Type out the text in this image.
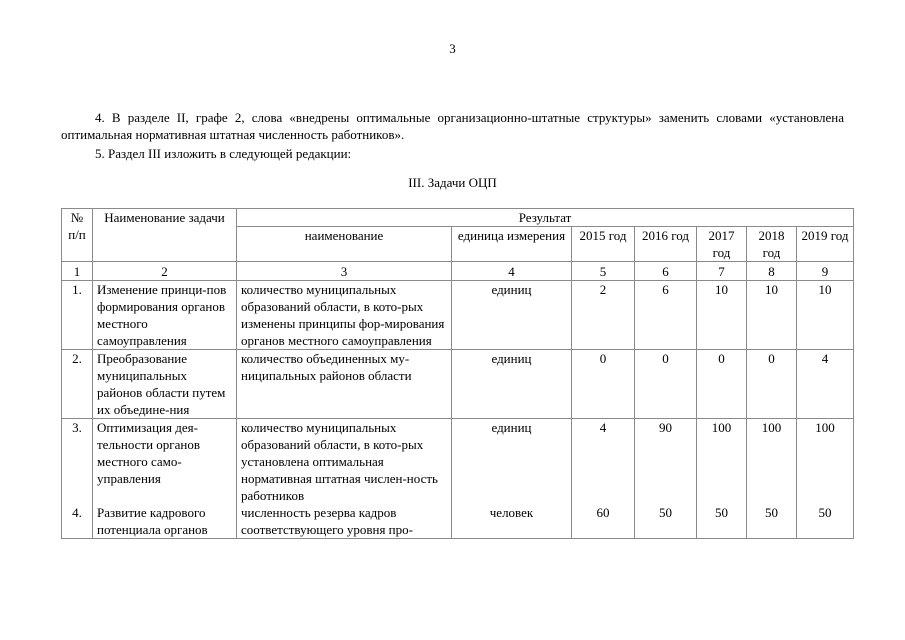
3
4. В разделе II, графе 2, слова «внедрены оптимальные организационно-штатные структуры» заменить словами «установлена оптимальная нормативная штатная численность работников».
5. Раздел III изложить в следующей редакции:
III. Задачи ОЦП
№ п/п	Наименование задачи	Результат						
		наименование	единица измерения	2015 год	2016 год	2017 год	2018 год	2019 год
1	2	3	4	5	6	7	8	9
1.	Изменение принци-пов формирования органов местного самоуправления	количество муниципальных образований области, в кото-рых изменены принципы фор-мирования органов местного самоуправления	единиц	2	6	10	10	10
2.	Преобразование муниципальных районов области путем их объедине-ния	количество объединенных му-ниципальных районов области	единиц	0	0	0	0	4
3.	Оптимизация дея-тельности органов местного само-управления	количество муниципальных образований области, в кото-рых установлена оптимальная нормативная штатная числен-ность работников	единиц	4	90	100	100	100
4.	Развитие кадрового потенциала органов	численность резерва кадров соответствующего уровня про-	человек	60	50	50	50	50
